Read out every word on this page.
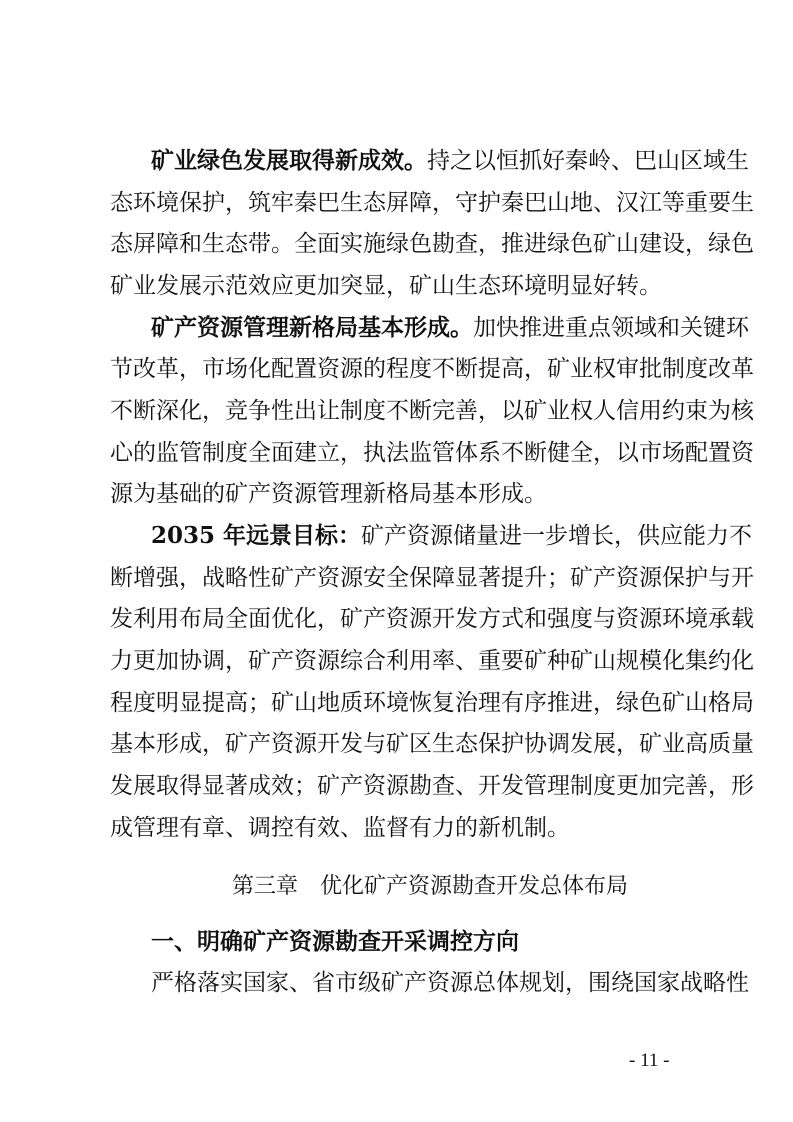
矿业绿色发展取得新成效。持之以恒抓好秦岭、巴山区域生
态环境保护，筑牢秦巴生态屏障，守护秦巴山地、汉江等重要生
态屏障和生态带。全面实施绿色勘查，推进绿色矿山建设，绿色
矿业发展示范效应更加突显，矿山生态环境明显好转。
矿产资源管理新格局基本形成。加快推进重点领域和关键环
节改革，市场化配置资源的程度不断提高，矿业权审批制度改革
不断深化，竞争性出让制度不断完善，以矿业权人信用约束为核
心的监管制度全面建立，执法监管体系不断健全，以市场配置资
源为基础的矿产资源管理新格局基本形成。
2035 年远景目标：矿产资源储量进一步增长，供应能力不
断增强，战略性矿产资源安全保障显著提升；矿产资源保护与开
发利用布局全面优化，矿产资源开发方式和强度与资源环境承载
力更加协调，矿产资源综合利用率、重要矿种矿山规模化集约化
程度明显提高；矿山地质环境恢复治理有序推进，绿色矿山格局
基本形成，矿产资源开发与矿区生态保护协调发展，矿业高质量
发展取得显著成效；矿产资源勘查、开发管理制度更加完善，形
成管理有章、调控有效、监督有力的新机制。
第三章　优化矿产资源勘查开发总体布局
一、明确矿产资源勘查开采调控方向
严格落实国家、省市级矿产资源总体规划，围绕国家战略性
- 11 -
